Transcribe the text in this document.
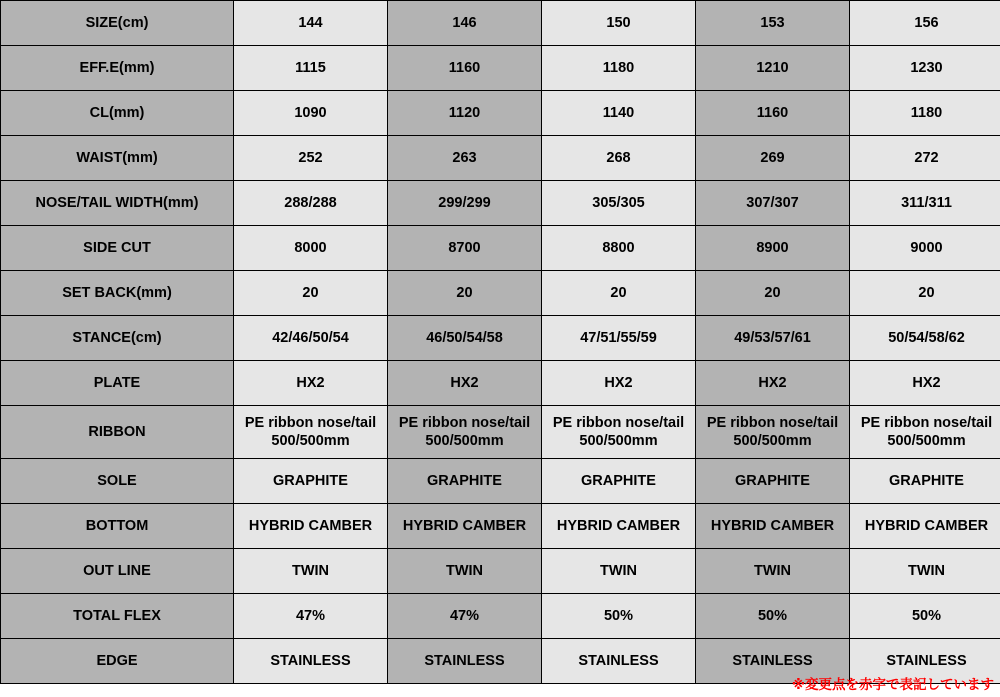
SIZE(cm)	144	146	150	153	156
EFF.E(mm)	1115	1160	1180	1210	1230
CL(mm)	1090	1120	1140	1160	1180
WAIST(mm)	252	263	268	269	272
NOSE/TAIL WIDTH(mm)	288/288	299/299	305/305	307/307	311/311
SIDE CUT	8000	8700	8800	8900	9000
SET BACK(mm)	20	20	20	20	20
STANCE(cm)	42/46/50/54	46/50/54/58	47/51/55/59	49/53/57/61	50/54/58/62
PLATE	HX2	HX2	HX2	HX2	HX2
RIBBON	PE ribbon nose/tail 500/500mm	PE ribbon nose/tail 500/500mm	PE ribbon nose/tail 500/500mm	PE ribbon nose/tail 500/500mm	PE ribbon nose/tail 500/500mm
SOLE	GRAPHITE	GRAPHITE	GRAPHITE	GRAPHITE	GRAPHITE
BOTTOM	HYBRID CAMBER	HYBRID CAMBER	HYBRID CAMBER	HYBRID CAMBER	HYBRID CAMBER
OUT LINE	TWIN	TWIN	TWIN	TWIN	TWIN
TOTAL FLEX	47%	47%	50%	50%	50%
EDGE	STAINLESS	STAINLESS	STAINLESS	STAINLESS	STAINLESS
※変更点を赤字で表記しています
